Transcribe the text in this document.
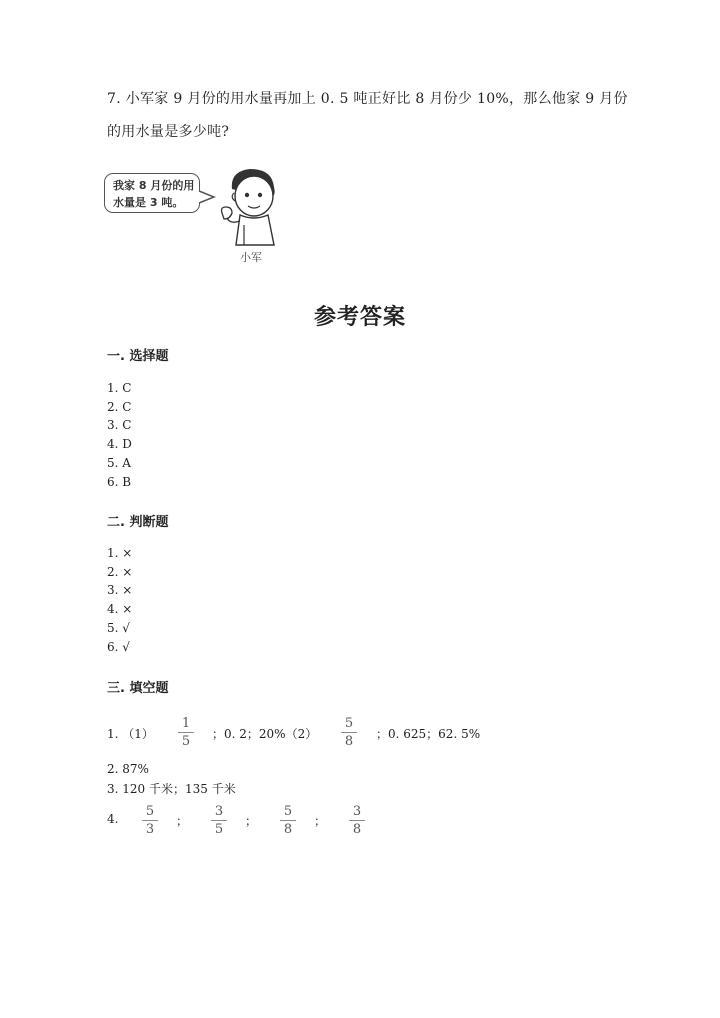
7. 小军家 9 月份的用水量再加上 0. 5 吨正好比 8 月份少 10%，那么他家 9 月份
的用水量是多少吨?
我家 8 月份的用
水量是 3 吨。
小军
参考答案
一. 选择题
1. C
2. C
3. C
4. D
5. A
6. B
二. 判断题
1. ×
2. ×
3. ×
4. ×
5. √
6. √
三. 填空题
1. （1）
1
5	；0. 2；20%（2）
5
8	；0. 625；62. 5%
2. 87%
3. 120 千米；135 千米
4. 5
3
；
3
5
；
5
8
；
3
8
